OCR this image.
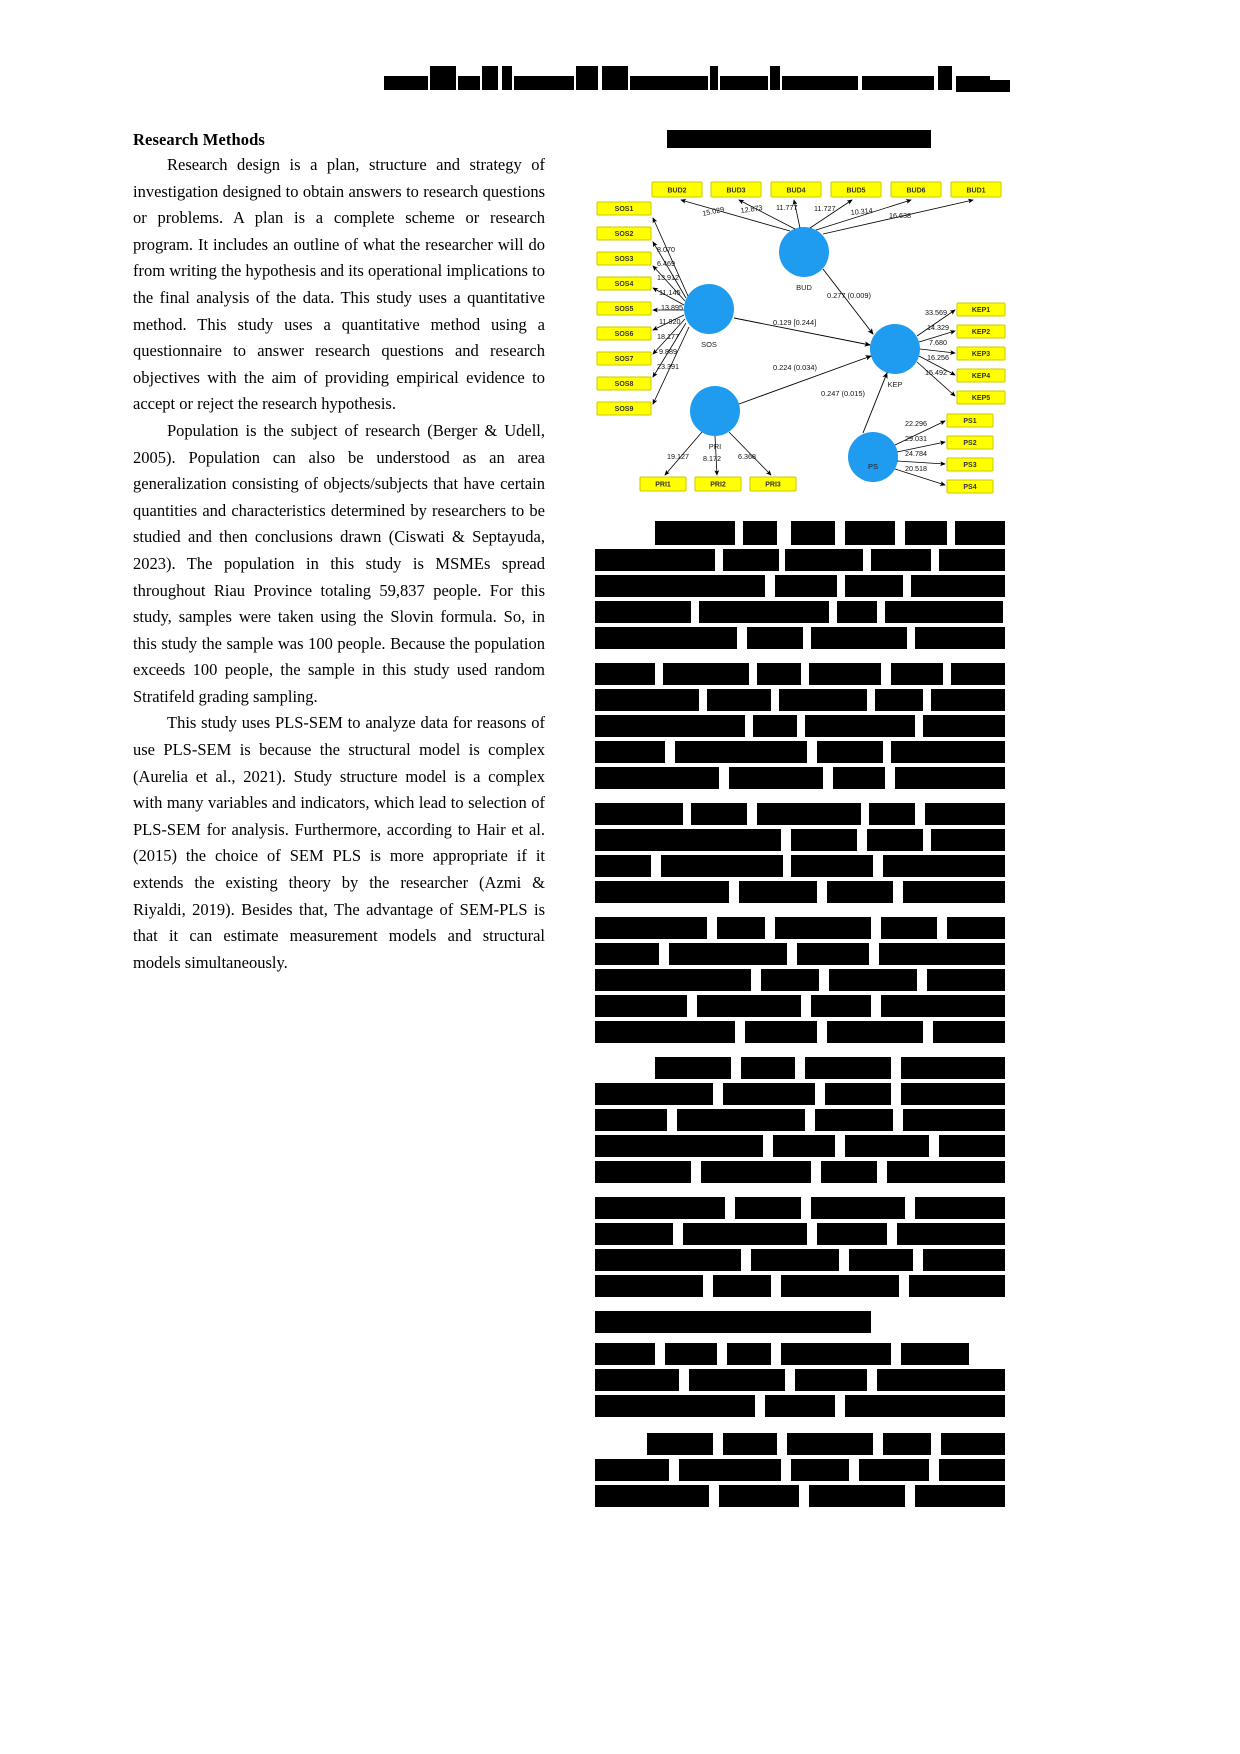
Research Methods

Research design is a plan, structure and strategy of investigation designed to obtain answers to research questions or problems. A plan is a complete scheme or research program. It includes an outline of what the researcher will do from writing the hypothesis and its operational implications to the final analysis of the data. This study uses a quantitative method. This study uses a quantitative method using a questionnaire to answer research questions and research objectives with the aim of providing empirical evidence to accept or reject the research hypothesis.

Population is the subject of research (Berger & Udell, 2005). Population can also be understood as an area generalization consisting of objects/subjects that have certain quantities and characteristics determined by researchers to be studied and then conclusions drawn (Ciswati & Septayuda, 2023). The population in this study is MSMEs spread throughout Riau Province totaling 59,837 people. For this study, samples were taken using the Slovin formula. So, in this study the sample was 100 people. Because the population exceeds 100 people, the sample in this study used random Stratifeld grading sampling.

This study uses PLS-SEM to analyze data for reasons of use PLS-SEM is because the structural model is complex (Aurelia et al., 2021). Study structure model is a complex with many variables and indicators, which lead to selection of PLS-SEM for analysis. Furthermore, according to Hair et al. (2015) the choice of SEM PLS is more appropriate if it extends the existing theory by the researcher (Azmi & Riyaldi, 2019). Besides that, The advantage of SEM-PLS is that it can estimate measurement models and structural models simultaneously.

BUD2	BUD3	BUD4	BUD5	BUD6	BUD1
BUD
15.029 12.873 11.777 11.727 10.314 16.638
SOS1
SOS2
SOS3
SOS4
SOS5
SOS6
SOS7
SOS8
SOS9
SOS
8.070
6.469
13.912
11.145
13.895
11.920
18.177
9.889
23.391
PRI
PRI1	PRI2	PRI3
19.127 8.172 6.368
KEP
KEP1
KEP2
KEP3
KEP4
KEP5
33.569
14.329
7.680
16.256
15.492
PS
PS1
PS2
PS3
PS4
22.296
29.031
24.784
20.518
0.277 (0.009)
0.129 [0.244]
0.224 (0.034)
0.247 (0.015)
